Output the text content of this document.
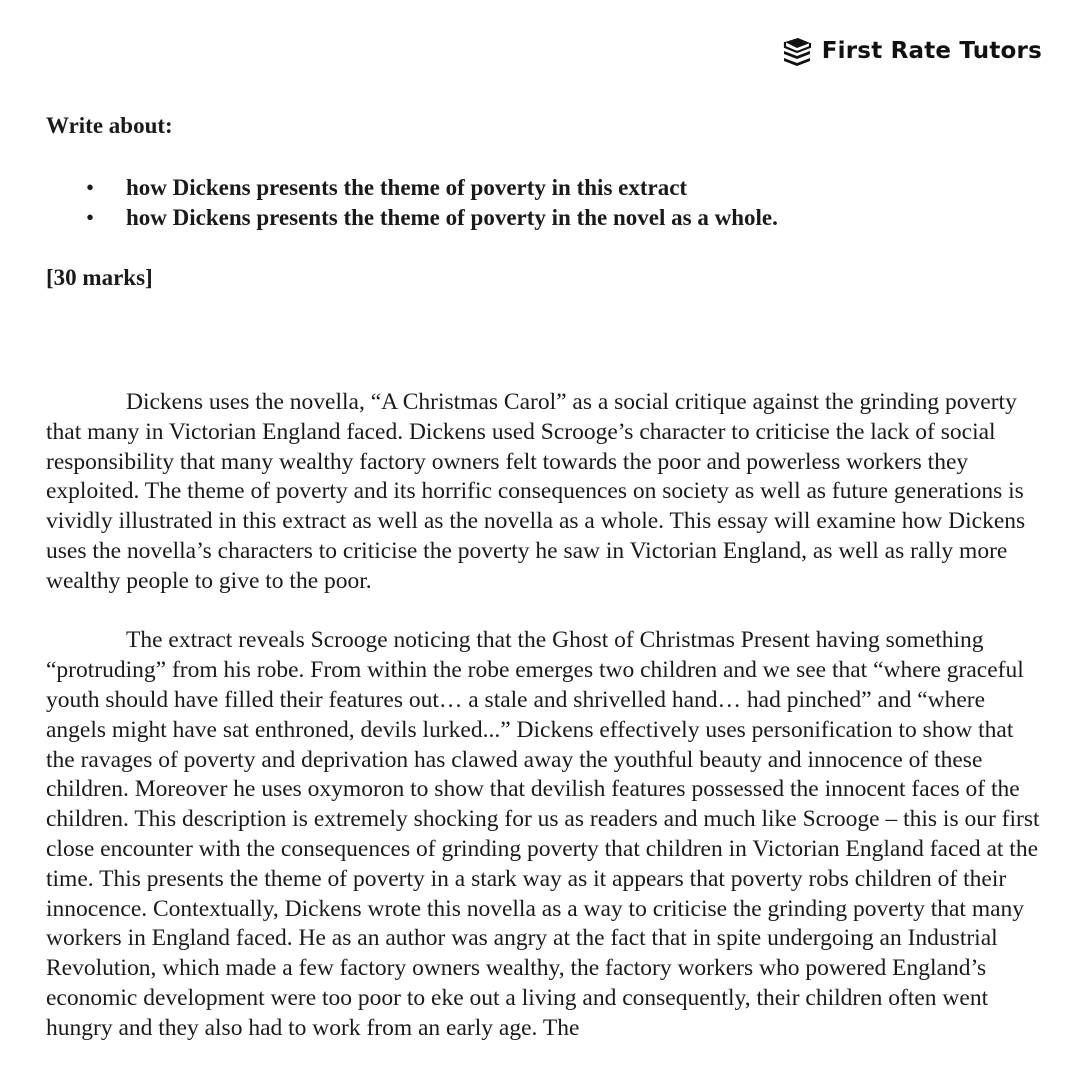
First Rate Tutors
Write about:
• how Dickens presents the theme of poverty in this extract
• how Dickens presents the theme of poverty in the novel as a whole.
[30 marks]

Dickens uses the novella, “A Christmas Carol” as a social critique against the grinding poverty that many in Victorian England faced. Dickens used Scrooge’s character to criticise the lack of social responsibility that many wealthy factory owners felt towards the poor and powerless workers they exploited. The theme of poverty and its horrific consequences on society as well as future generations is vividly illustrated in this extract as well as the novella as a whole. This essay will examine how Dickens uses the novella’s characters to criticise the poverty he saw in Victorian England, as well as rally more wealthy people to give to the poor.

The extract reveals Scrooge noticing that the Ghost of Christmas Present having something “protruding” from his robe. From within the robe emerges two children and we see that “where graceful youth should have filled their features out… a stale and shrivelled hand… had pinched” and “where angels might have sat enthroned, devils lurked...” Dickens effectively uses personification to show that the ravages of poverty and deprivation has clawed away the youthful beauty and innocence of these children. Moreover he uses oxymoron to show that devilish features possessed the innocent faces of the children. This description is extremely shocking for us as readers and much like Scrooge – this is our first close encounter with the consequences of grinding poverty that children in Victorian England faced at the time. This presents the theme of poverty in a stark way as it appears that poverty robs children of their innocence. Contextually, Dickens wrote this novella as a way to criticise the grinding poverty that many workers in England faced. He as an author was angry at the fact that in spite undergoing an Industrial Revolution, which made a few factory owners wealthy, the factory workers who powered England’s economic development were too poor to eke out a living and consequently, their children often went hungry and they also had to work from an early age. The
